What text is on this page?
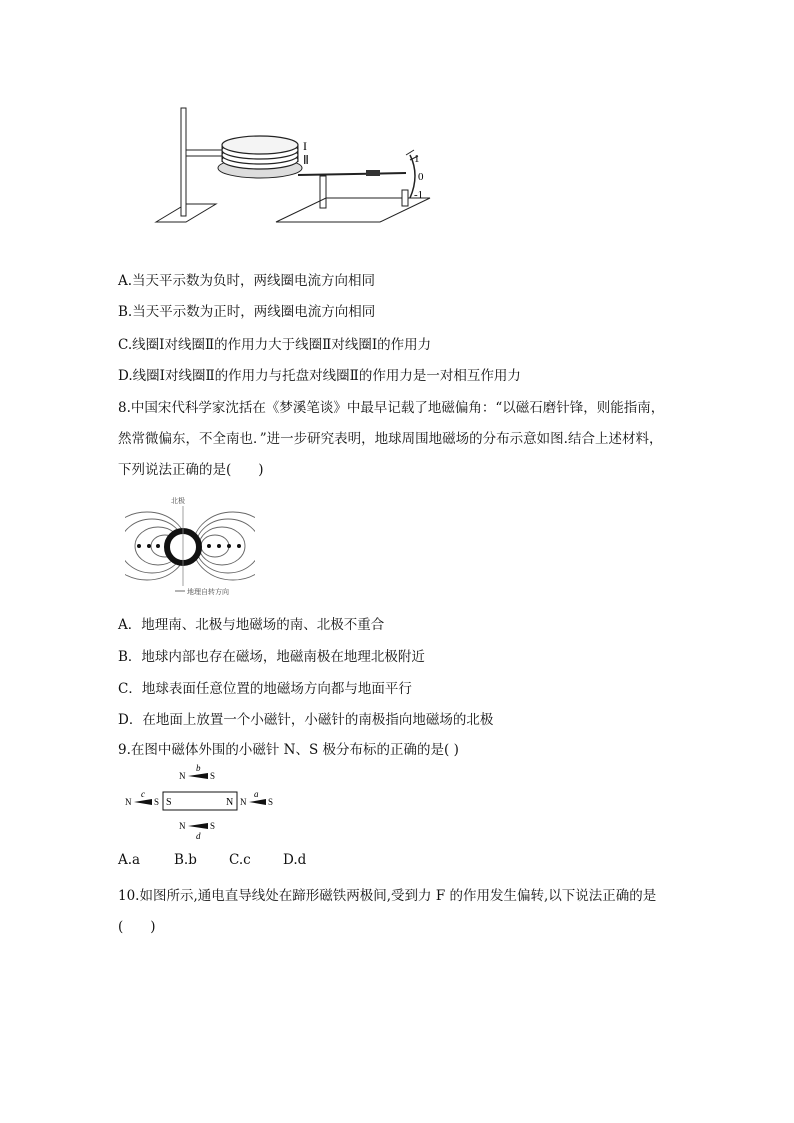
I
Ⅱ	1
0
-1
A.当天平示数为负时，两线圈电流方向相同
B.当天平示数为正时，两线圈电流方向相同
C.线圈Ⅰ对线圈Ⅱ的作用力大于线圈Ⅱ对线圈Ⅰ的作用力
D.线圈Ⅰ对线圈Ⅱ的作用力与托盘对线圈Ⅱ的作用力是一对相互作用力
8.中国宋代科学家沈括在《梦溪笔谈》中最早记载了地磁偏角：“以磁石磨针锋，则能指南，
然常微偏东，不全南也．”进一步研究表明，地球周围地磁场的分布示意如图.结合上述材料，
下列说法正确的是(　　)
北极
地理自转方向
A．地理南、北极与地磁场的南、北极不重合
B．地球内部也存在磁场，地磁南极在地理北极附近
C．地球表面任意位置的地磁场方向都与地面平行
D．在地面上放置一个小磁针，小磁针的南极指向地磁场的北极
9.在图中磁体外围的小磁针 N、S 极分布标的正确的是( )
S	N
N	S
b
N	S
c
N S
a
N	S
d
A.a	B.b C.c D.d
10.如图所示,通电直导线处在蹄形磁铁两极间,受到力 F 的作用发生偏转,以下说法正确的是
(　　)
